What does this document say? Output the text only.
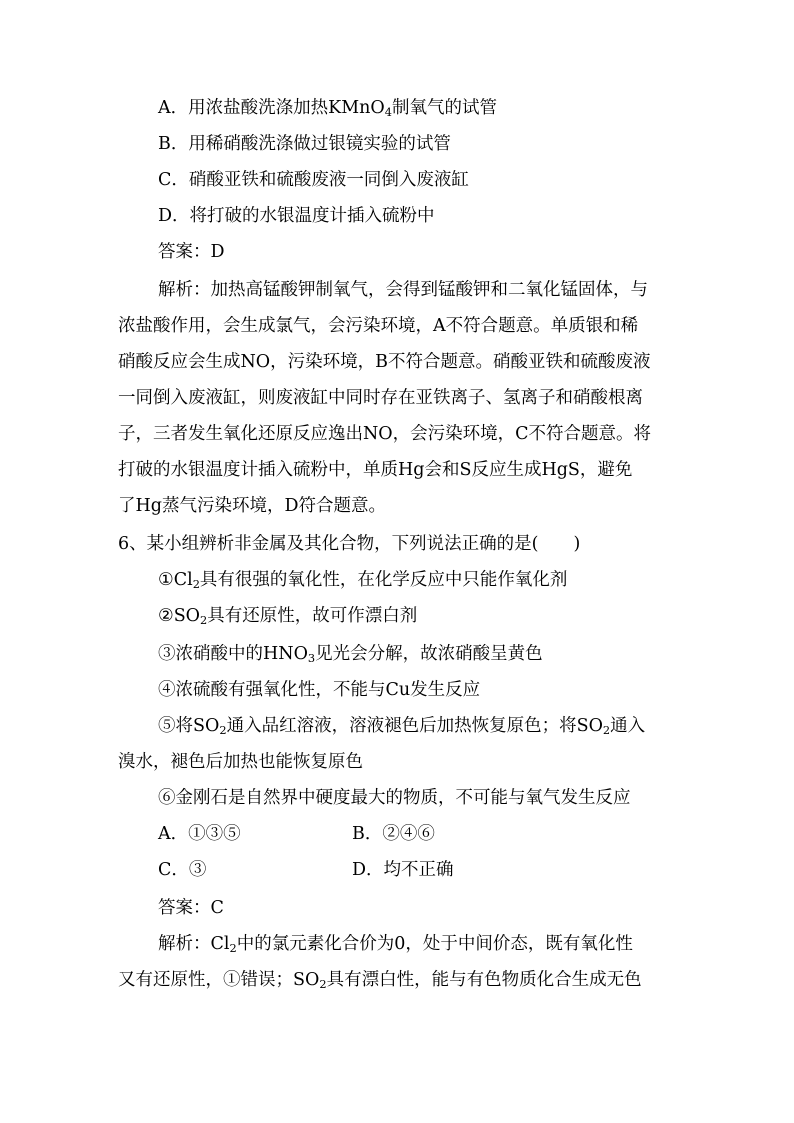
A．用浓盐酸洗涤加热KMnO$_4$制氧气的试管
B．用稀硝酸洗涤做过银镜实验的试管
C．硝酸亚铁和硫酸废液一同倒入废液缸
D．将打破的水银温度计插入硫粉中
答案：D
解析：加热高锰酸钾制氧气，会得到锰酸钾和二氧化锰固体，与
浓盐酸作用，会生成氯气，会污染环境，A不符合题意。单质银和稀
硝酸反应会生成NO，污染环境，B不符合题意。硝酸亚铁和硫酸废液
一同倒入废液缸，则废液缸中同时存在亚铁离子、氢离子和硝酸根离
子，三者发生氧化还原反应逸出NO，会污染环境，C不符合题意。将
打破的水银温度计插入硫粉中，单质Hg会和S反应生成HgS，避免
了Hg蒸气污染环境，D符合题意。
6、某小组辨析非金属及其化合物，下列说法正确的是(　　)
$①Cl_2$具有很强的氧化性，在化学反应中只能作氧化剂
$②SO_2$具有还原性，故可作漂白剂
③浓硝酸中的$HNO_3$见光会分解，故浓硝酸呈黄色
④浓硫酸有强氧化性，不能与Cu发生反应
⑤将$SO_2$通入品红溶液，溶液褪色后加热恢复原色；将$SO_2$通入
溴水，褪色后加热也能恢复原色
⑥金刚石是自然界中硬度最大的物质，不可能与氧气发生反应
A．①③⑤	B．②④⑥
C．③	D．均不正确
答案：C
解析：$Cl_2$中的氯元素化合价为0，处于中间价态，既有氧化性
又有还原性，①错误；$SO_2$具有漂白性，能与有色物质化合生成无色
